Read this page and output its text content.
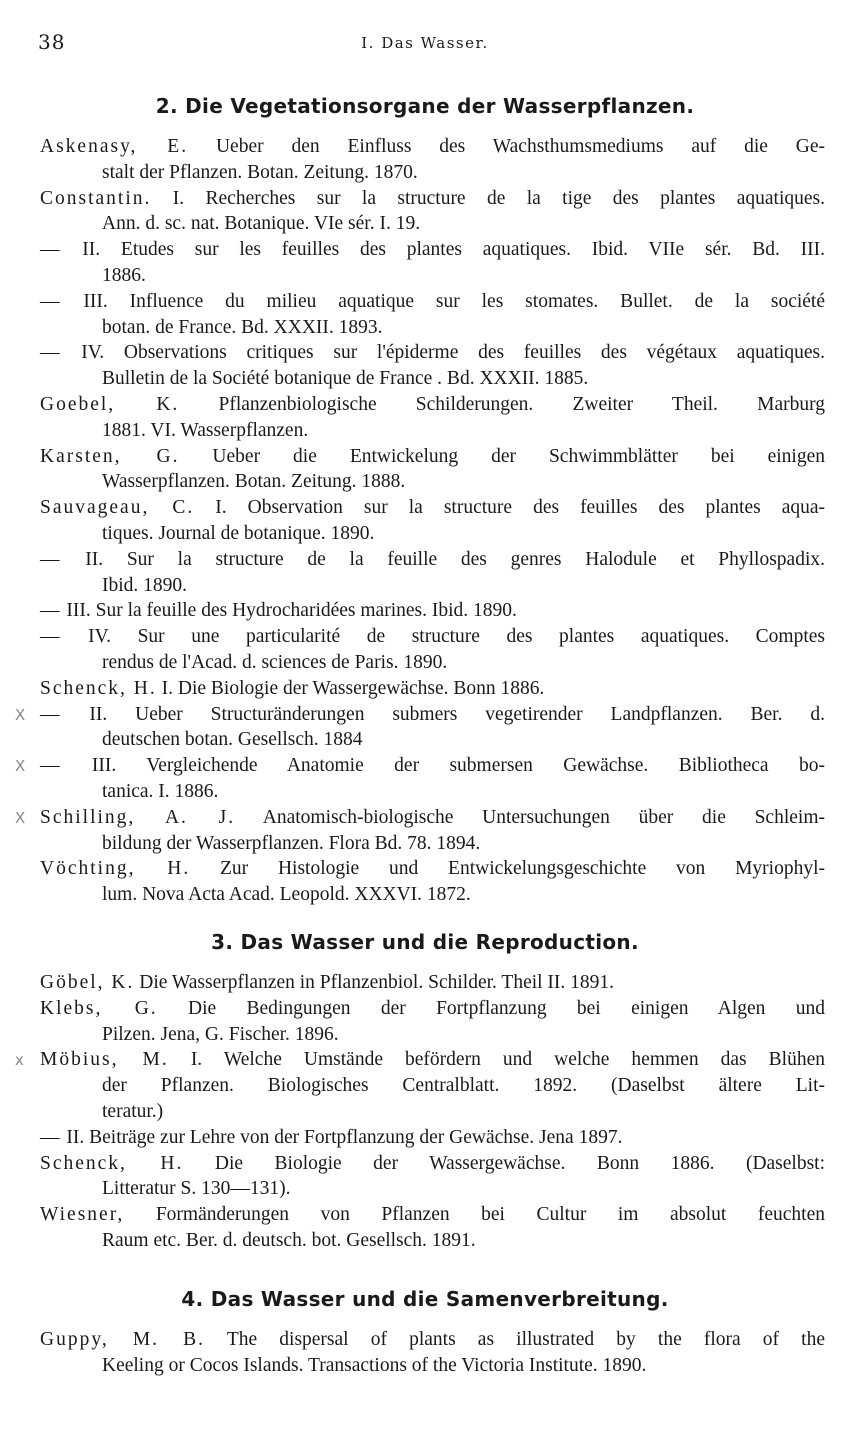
38	I. Das Wasser.
2. Die Vegetationsorgane der Wasserpflanzen.
Askenasy, E. Ueber den Einfluss des Wachsthumsmediums auf die Ge-
stalt der Pflanzen. Botan. Zeitung. 1870.
Constantin. I. Recherches sur la structure de la tige des plantes aquatiques.
Ann. d. sc. nat. Botanique. VIe sér. I. 19.
— II. Etudes sur les feuilles des plantes aquatiques. Ibid. VIIe sér. Bd. III.
1886.
— III. Influence du milieu aquatique sur les stomates. Bullet. de la société
botan. de France. Bd. XXXII. 1893.
— IV. Observations critiques sur l'épiderme des feuilles des végétaux aquatiques.
Bulletin de la Société botanique de France . Bd. XXXII. 1885.
Goebel, K. Pflanzenbiologische Schilderungen. Zweiter Theil. Marburg
1881. VI. Wasserpflanzen.
Karsten, G. Ueber die Entwickelung der Schwimmblätter bei einigen
Wasserpflanzen. Botan. Zeitung. 1888.
Sauvageau, C. I. Observation sur la structure des feuilles des plantes aqua-
tiques. Journal de botanique. 1890.
— II. Sur la structure de la feuille des genres Halodule et Phyllospadix.
Ibid. 1890.
— III. Sur la feuille des Hydrocharidées marines. Ibid. 1890.
— IV. Sur une particularité de structure des plantes aquatiques. Comptes
rendus de l'Acad. d. sciences de Paris. 1890.
Schenck, H. I. Die Biologie der Wassergewächse. Bonn 1886.
X — II. Ueber Structuränderungen submers vegetirender Landpflanzen. Ber. d.
deutschen botan. Gesellsch. 1884
X — III. Vergleichende Anatomie der submersen Gewächse. Bibliotheca bo-
tanica. I. 1886.
X Schilling, A. J. Anatomisch-biologische Untersuchungen über die Schleim-
bildung der Wasserpflanzen. Flora Bd. 78. 1894.
Vöchting, H. Zur Histologie und Entwickelungsgeschichte von Myriophyl-
lum. Nova Acta Acad. Leopold. XXXVI. 1872.
3. Das Wasser und die Reproduction.
Göbel, K. Die Wasserpflanzen in Pflanzenbiol. Schilder. Theil II. 1891.
Klebs, G. Die Bedingungen der Fortpflanzung bei einigen Algen und
Pilzen. Jena, G. Fischer. 1896.
x Möbius, M. I. Welche Umstände befördern und welche hemmen das Blühen
der Pflanzen. Biologisches Centralblatt. 1892. (Daselbst ältere Lit-
teratur.)
— II. Beiträge zur Lehre von der Fortpflanzung der Gewächse. Jena 1897.
Schenck, H. Die Biologie der Wassergewächse. Bonn 1886. (Daselbst:
Litteratur S. 130—131).
Wiesner, Formänderungen von Pflanzen bei Cultur im absolut feuchten
Raum etc. Ber. d. deutsch. bot. Gesellsch. 1891.
4. Das Wasser und die Samenverbreitung.
Guppy, M. B. The dispersal of plants as illustrated by the flora of the
Keeling or Cocos Islands. Transactions of the Victoria Institute. 1890.
